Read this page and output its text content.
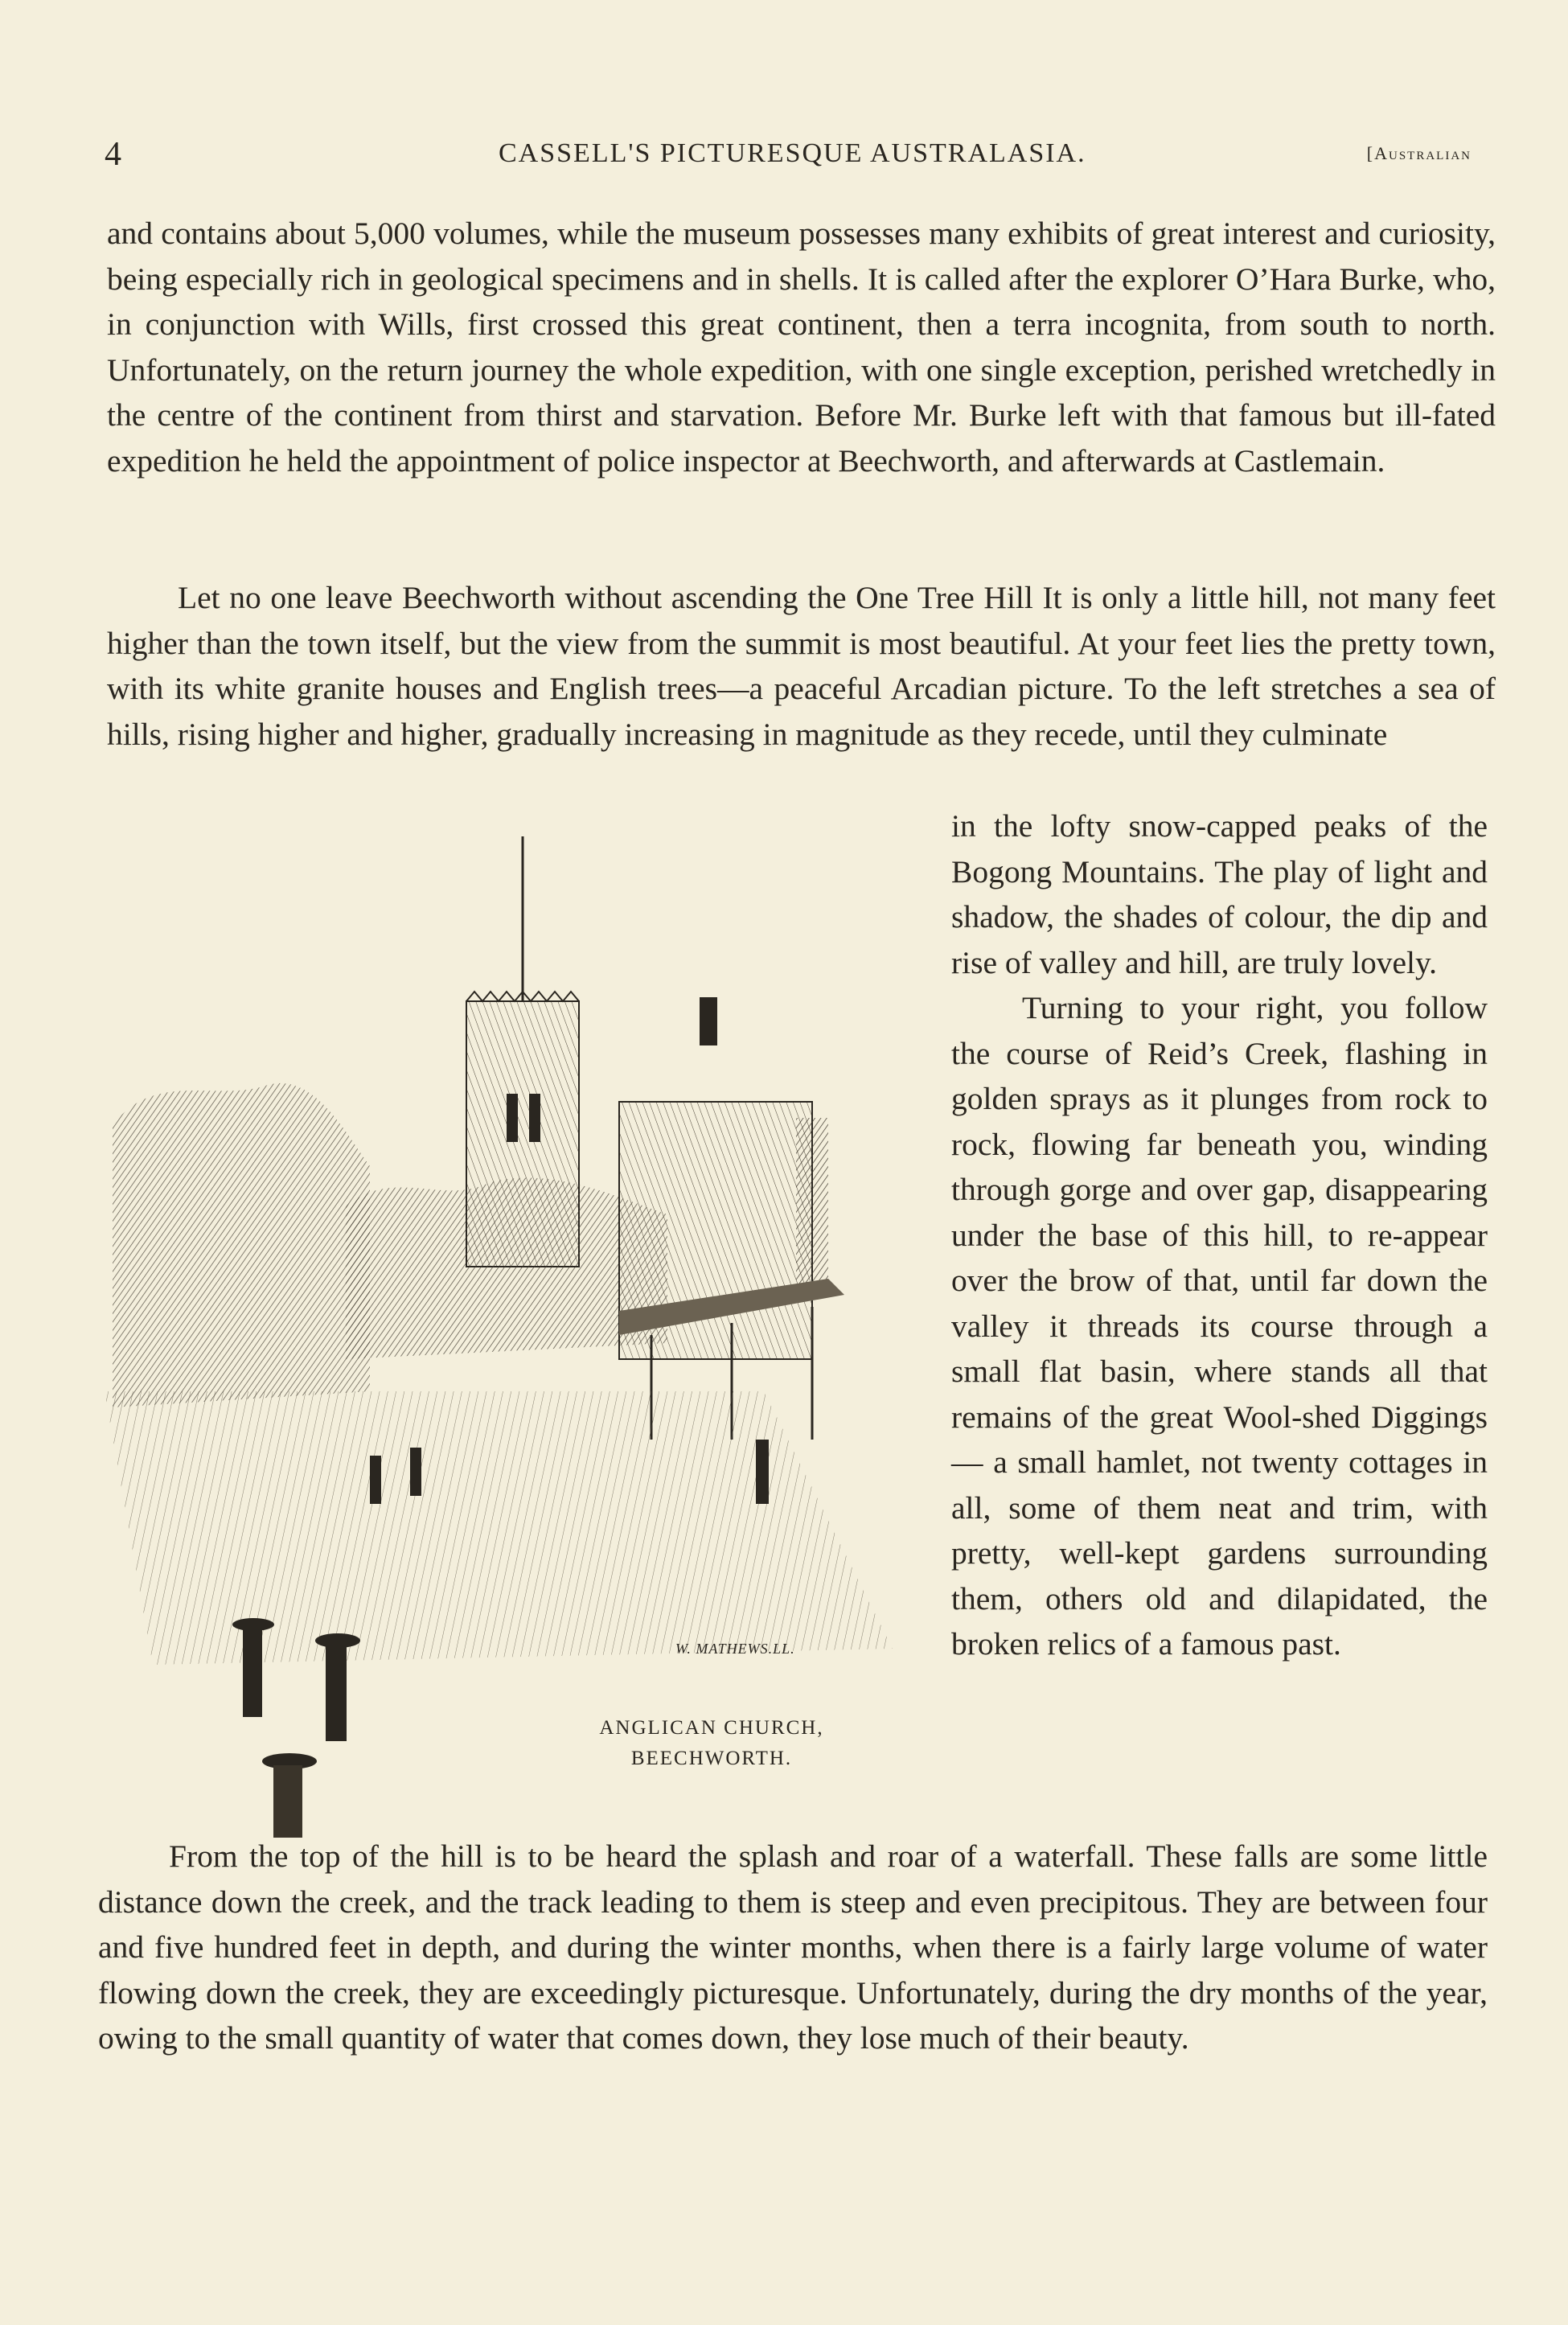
4	CASSELL'S PICTURESQUE AUSTRALASIA.	[Australian

and contains about 5,000 volumes, while the museum possesses many exhibits of great interest and curiosity, being especially rich in geological specimens and in shells. It is called after the explorer O’Hara Burke, who, in conjunction with Wills, first crossed this great continent, then a terra incognita, from south to north. Unfortunately, on the return journey the whole expedition, with one single exception, perished wretchedly in the centre of the continent from thirst and starvation. Before Mr. Burke left with that famous but ill-fated expedition he held the appointment of police inspector at Beechworth, and afterwards at Castlemain.

Let no one leave Beechworth without ascending the One Tree Hill It is only a little hill, not many feet higher than the town itself, but the view from the summit is most beautiful. At your feet lies the pretty town, with its white granite houses and English trees—a peaceful Arcadian picture. To the left stretches a sea of hills, rising higher and higher, gradually increasing in magnitude as they recede, until they culminate

in the lofty snow-capped peaks of the Bogong Mountains. The play of light and shadow, the shades of colour, the dip and rise of valley and hill, are truly lovely.

Turning to your right, you follow the course of Reid’s Creek, flashing in golden sprays as it plunges from rock to rock, flowing far beneath you, winding through gorge and over gap, disappearing under the base of this hill, to re-appear over the brow of that, until far down the valley it threads its course through a small flat basin, where stands all that remains of the great Wool-shed Diggings — a small hamlet, not twenty cottages in all, some of them neat and trim, with pretty, well-kept gardens surrounding them, others old and dilapidated, the broken relics of a famous past.

W. MATHEWS.LL.
ANGLICAN CHURCH,
BEECHWORTH.

From the top of the hill is to be heard the splash and roar of a waterfall. These falls are some little distance down the creek, and the track leading to them is steep and even precipitous. They are between four and five hundred feet in depth, and during the winter months, when there is a fairly large volume of water flowing down the creek, they are exceedingly picturesque. Unfortunately, during the dry months of the year, owing to the small quantity of water that comes down, they lose much of their beauty.
